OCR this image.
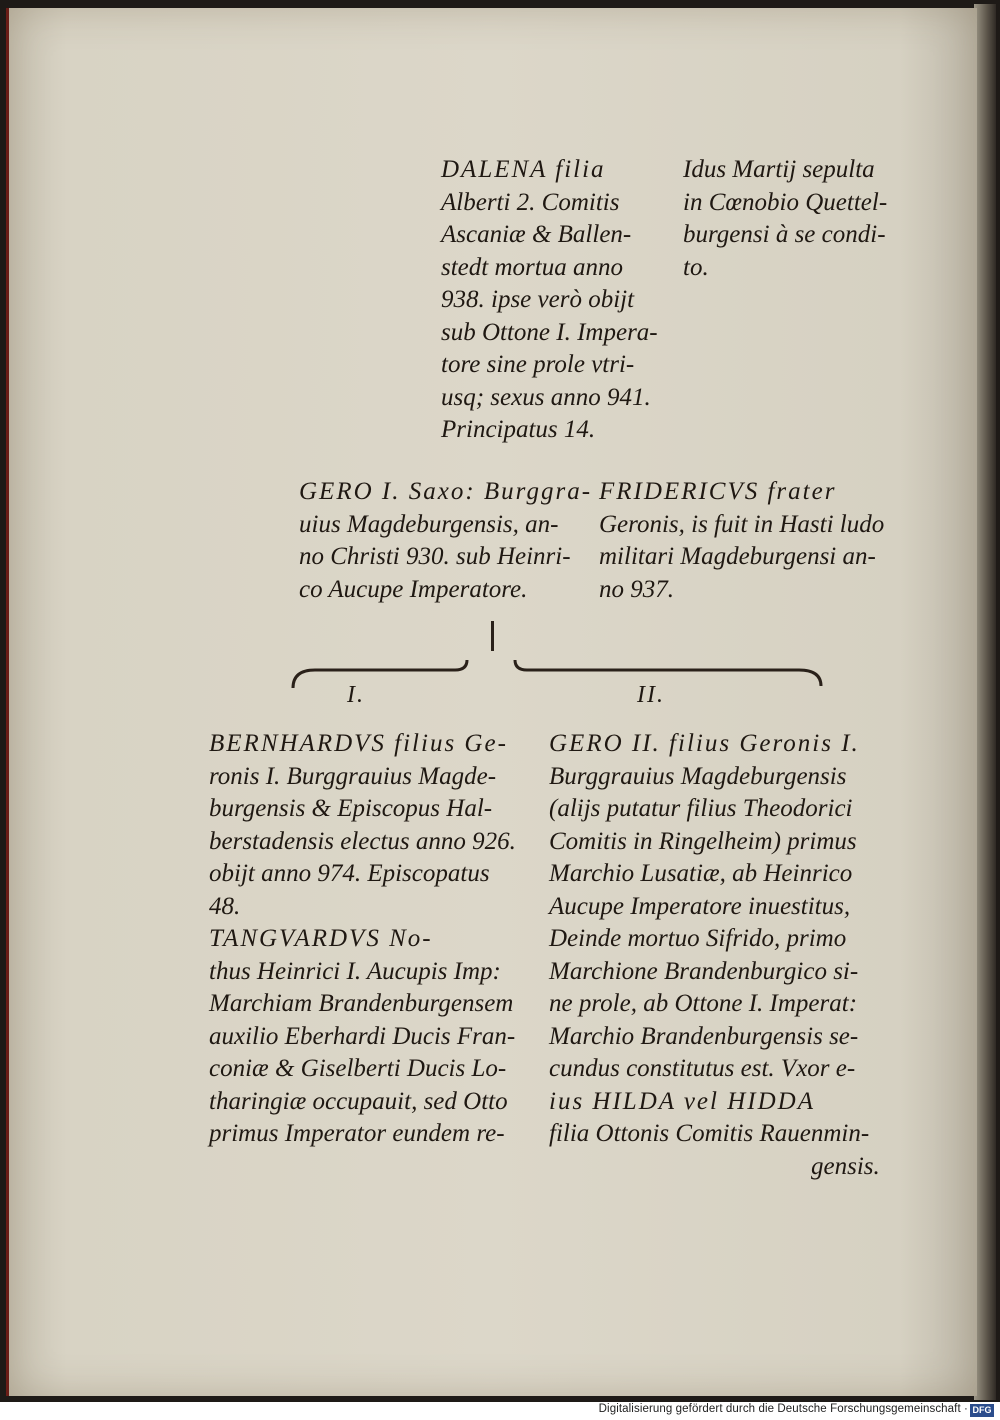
DALENA filia
Alberti 2. Comitis
Ascaniæ & Ballen-
stedt mortua anno
938. ipse verò obijt
sub Ottone I. Impera-
tore sine prole vtri-
usq; sexus anno 941.
Principatus 14.
Idus Martij sepulta
in Cœnobio Quettel-
burgensi à se condi-
to.
GERO I. Saxo: Burggra-
uius Magdeburgensis, an-
no Christi 930. sub Heinri-
co Aucupe Imperatore.
FRIDERICVS frater
Geronis, is fuit in Hasti ludo
militari Magdeburgensi an-
no 937.
I.	II.
BERNHARDVS filius Ge-
ronis I. Burggrauius Magde-
burgensis & Episcopus Hal-
berstadensis electus anno 926.
obijt anno 974. Episcopatus
48.
TANGVARDVS No-
thus Heinrici I. Aucupis Imp:
Marchiam Brandenburgensem
auxilio Eberhardi Ducis Fran-
coniæ & Giselberti Ducis Lo-
tharingiæ occupauit, sed Otto
primus Imperator eundem re-
GERO II. filius Geronis I.
Burggrauius Magdeburgensis
(alijs putatur filius Theodorici
Comitis in Ringelheim) primus
Marchio Lusatiæ, ab Heinrico
Aucupe Imperatore inuestitus,
Deinde mortuo Sifrido, primo
Marchione Brandenburgico si-
ne prole, ab Ottone I. Imperat:
Marchio Brandenburgensis se-
cundus constitutus est. Vxor e-
ius HILDA vel HIDDA
filia Ottonis Comitis Rauenmin-
gensis.
Digitalisierung gefördert durch die Deutsche Forschungsgemeinschaft · DFG
